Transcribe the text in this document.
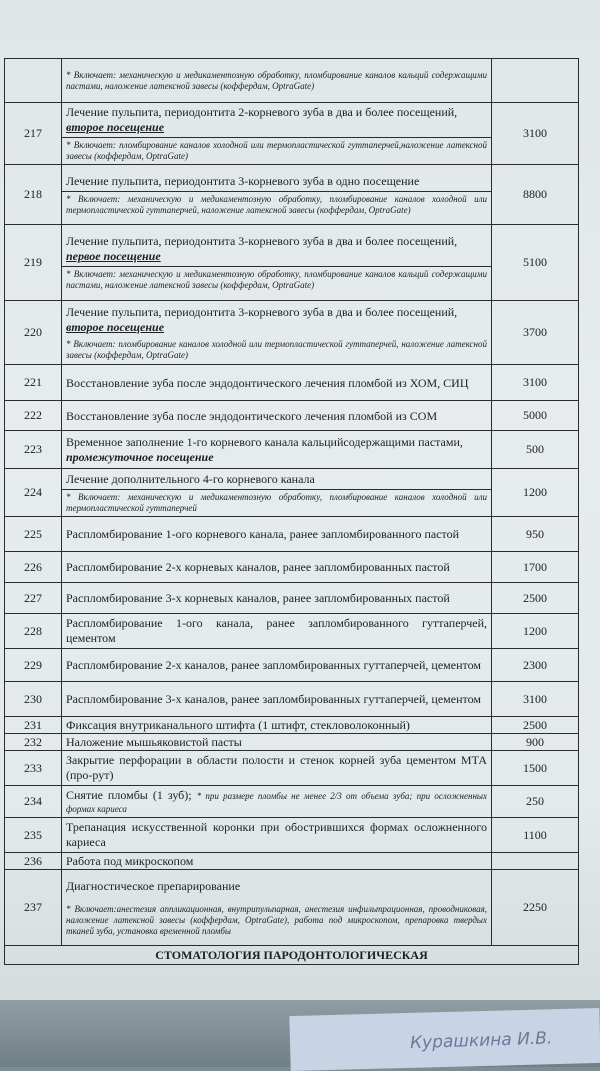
Курашкина И.В.

	* Включает: механическую и медикаментозную обработку, пломбирование каналов кальций содержащими пастами, наложение латексной завесы (коффердам, OptraGate)	

217	Лечение пульпита, периодонтита 2-корневого зуба в два и более посещений,
второе посещение
* Включает: пломбирование каналов холодной или термопластической гуттаперчей,наложение латексной завесы (коффердам, OptraGate)	3100
218	Лечение пульпита, периодонтита 3-корневого зуба в одно посещение
* Включает: механическую и медикаментозную обработку, пломбирование каналов холодной или термопластической гуттаперчей, наложение латексной завесы (коффердам, OptraGate)	8800
219	Лечение пульпита, периодонтита 3-корневого зуба в два и более посещений,
первое посещение
* Включает: механическую и медикаментозную обработку, пломбирование каналов кальций содержащими пастами, наложение латексной завесы (коффердам, OptraGate)	5100
220	Лечение пульпита, периодонтита 3-корневого зуба в два и более посещений,
второе посещение
* Включает: пломбирование каналов холодной или термопластической гуттаперчей, наложение латексной завесы (коффердам, OptraGate)	3700
221	Восстановление зуба после эндодонтического лечения пломбой из ХОМ, СИЦ	3100
222	Восстановление зуба после эндодонтического лечения пломбой из СОМ	5000
223	Временное заполнение 1-го корневого канала кальцийсодержащими пастами,
промежуточное посещение	500
224	Лечение дополнительного 4-го корневого канала
* Включает: механическую и медикаментозную обработку, пломбирование каналов холодной или термопластической гуттаперчей	1200
225	Распломбирование 1-ого корневого канала, ранее запломбированного пастой	950
226	Распломбирование 2-х корневых каналов, ранее запломбированных пастой	1700
227	Распломбирование 3-х корневых каналов, ранее запломбированных пастой	2500
228	Распломбирование 1-ого канала, ранее запломбированного гуттаперчей, цементом	1200
229	Распломбирование 2-х каналов, ранее запломбированных гуттаперчей, цементом	2300
230	Распломбирование 3-х каналов, ранее запломбированных гуттаперчей, цементом	3100
231	Фиксация внутриканального штифта (1 штифт, стекловолоконный)	2500
232	Наложение мышьяковистой пасты	900
233	Закрытие перфорации в области полости и стенок корней зуба цементом МТА (про-рут)	1500
234	Снятие пломбы (1 зуб); * при размере пломбы не менее 2/3 от объема зуба; при осложненных формах кариеса	250
235	Трепанация искусственной коронки при обострившихся формах осложненного кариеса	1100
236	Работа под микроскопом	

237	Диагностическое препарирование
* Включает:анестезия аппликационная, внутрипульпарная, анестезия инфильтрационная, проводниковая, наложение латексной завесы (коффердам, OptraGate), работа под микроскопом, препаровка твердых тканей зуба, установка временной пломбы	2250
СТОМАТОЛОГИЯ ПАРОДОНТОЛОГИЧЕСКАЯ		
